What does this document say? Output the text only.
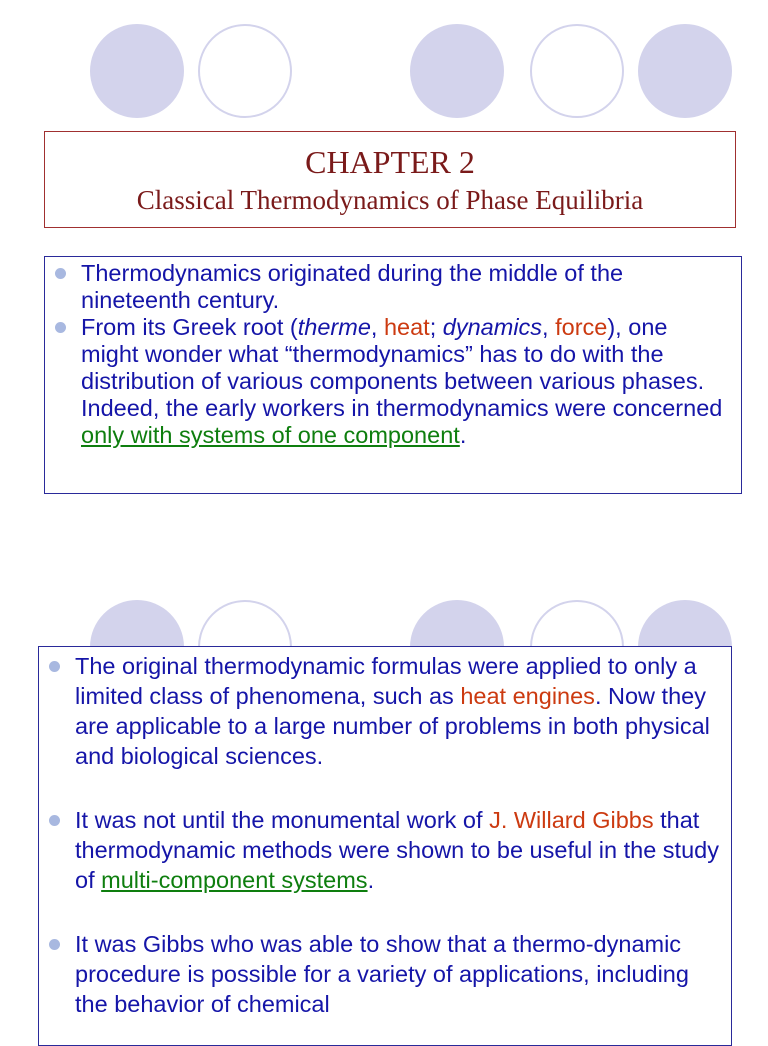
CHAPTER 2
Classical Thermodynamics of Phase Equilibria

Thermodynamics originated during the middle of the nineteenth century.

From its Greek root (therme, heat; dynamics, force), one might wonder what “thermodynamics” has to do with the distribution of various components between various phases. Indeed, the early workers in thermodynamics were concerned only with systems of one component.

The original thermodynamic formulas were applied to only a limited class of phenomena, such as heat engines. Now they are applicable to a large number of problems in both physical and biological sciences.

It was not until the monumental work of J. Willard Gibbs that thermodynamic methods were shown to be useful in the study of multi-component systems.

It was Gibbs who was able to show that a thermo-dynamic procedure is possible for a variety of applications, including the behavior of chemical
